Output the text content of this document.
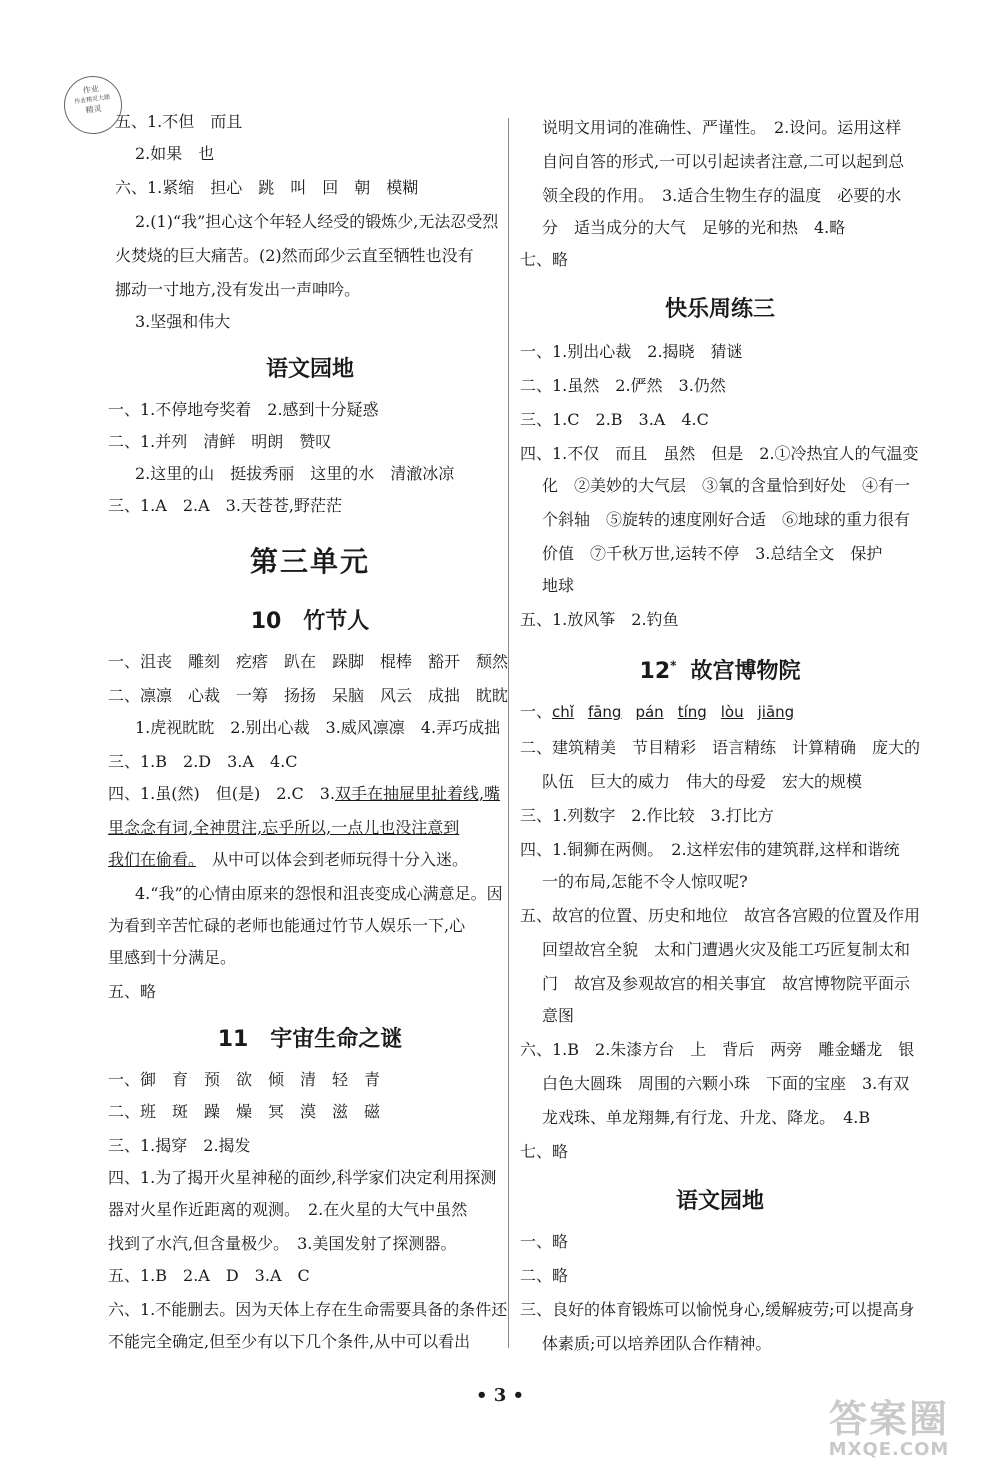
作业
作业精灵大题
精灵
五、1.不但　而且
2.如果　也
六、1.紧缩　担心　跳　叫　回　朝　模糊
2.(1)“我”担心这个年轻人经受的锻炼少,无法忍受烈
火焚烧的巨大痛苦。(2)然而邱少云直至牺牲也没有
挪动一寸地方,没有发出一声呻吟。
3.坚强和伟大
语文园地
一、1.不停地夸奖着　2.感到十分疑惑
二、1.并列　清鲜　明朗　赞叹
2.这里的山　挺拔秀丽　这里的水　清澈冰凉
三、1.A　2.A　3.天苍苍,野茫茫
第三单元
10　竹节人
一、沮丧　雕刻　疙瘩　趴在　跺脚　棍棒　豁开　颓然
二、凛凛　心裁　一筹　扬扬　呆脑　风云　成拙　眈眈
1.虎视眈眈　2.别出心裁　3.威风凛凛　4.弄巧成拙
三、1.B　2.D　3.A　4.C
四、1.虽(然)　但(是)　2.C　3.双手在抽屉里扯着线,嘴
里念念有词,全神贯注,忘乎所以,一点儿也没注意到
我们在偷看。　从中可以体会到老师玩得十分入迷。
4.“我”的心情由原来的怨恨和沮丧变成心满意足。因
为看到辛苦忙碌的老师也能通过竹节人娱乐一下,心
里感到十分满足。
五、略
11　宇宙生命之谜
一、御　育　预　欲　倾　清　轻　青
二、班　斑　躁　燥　冥　漠　滋　磁
三、1.揭穿　2.揭发
四、1.为了揭开火星神秘的面纱,科学家们决定利用探测
器对火星作近距离的观测。　2.在火星的大气中虽然
找到了水汽,但含量极少。　3.美国发射了探测器。
五、1.B　2.A　D　3.A　C
六、1.不能删去。因为天体上存在生命需要具备的条件还
不能完全确定,但至少有以下几个条件,从中可以看出
说明文用词的准确性、严谨性。　2.设问。运用这样
自问自答的形式,一可以引起读者注意,二可以起到总
领全段的作用。　3.适合生物生存的温度　必要的水
分　适当成分的大气　足够的光和热　4.略
七、略
快乐周练三
一、1.别出心裁　2.揭晓　猜谜
二、1.虽然　2.俨然　3.仍然
三、1.C　2.B　3.A　4.C
四、1.不仅　而且　虽然　但是　2.①冷热宜人的气温变
化　②美妙的大气层　③氧的含量恰到好处　④有一
个斜轴　⑤旋转的速度刚好合适　⑥地球的重力很有
价值　⑦千秋万世,运转不停　3.总结全文　保护
地球
五、1.放风筝　2.钓鱼
12* 故宫博物院
一、chǐ fāng pán tíng lòu jiāng
二、建筑精美　节目精彩　语言精练　计算精确　庞大的
队伍　巨大的威力　伟大的母爱　宏大的规模
三、1.列数字　2.作比较　3.打比方
四、1.铜狮在两侧。　2.这样宏伟的建筑群,这样和谐统
一的布局,怎能不令人惊叹呢?
五、故宫的位置、历史和地位　故宫各宫殿的位置及作用
回望故宫全貌　太和门遭遇火灾及能工巧匠复制太和
门　故宫及参观故宫的相关事宜　故宫博物院平面示
意图
六、1.B　2.朱漆方台　上　背后　两旁　雕金蟠龙　银
白色大圆珠　周围的六颗小珠　下面的宝座　3.有双
龙戏珠、单龙翔舞,有行龙、升龙、降龙。　4.B
七、略
语文园地
一、略
二、略
三、良好的体育锻炼可以愉悦身心,缓解疲劳;可以提高身
体素质;可以培养团队合作精神。
• 3 •
答案圈
MXQE.COM
